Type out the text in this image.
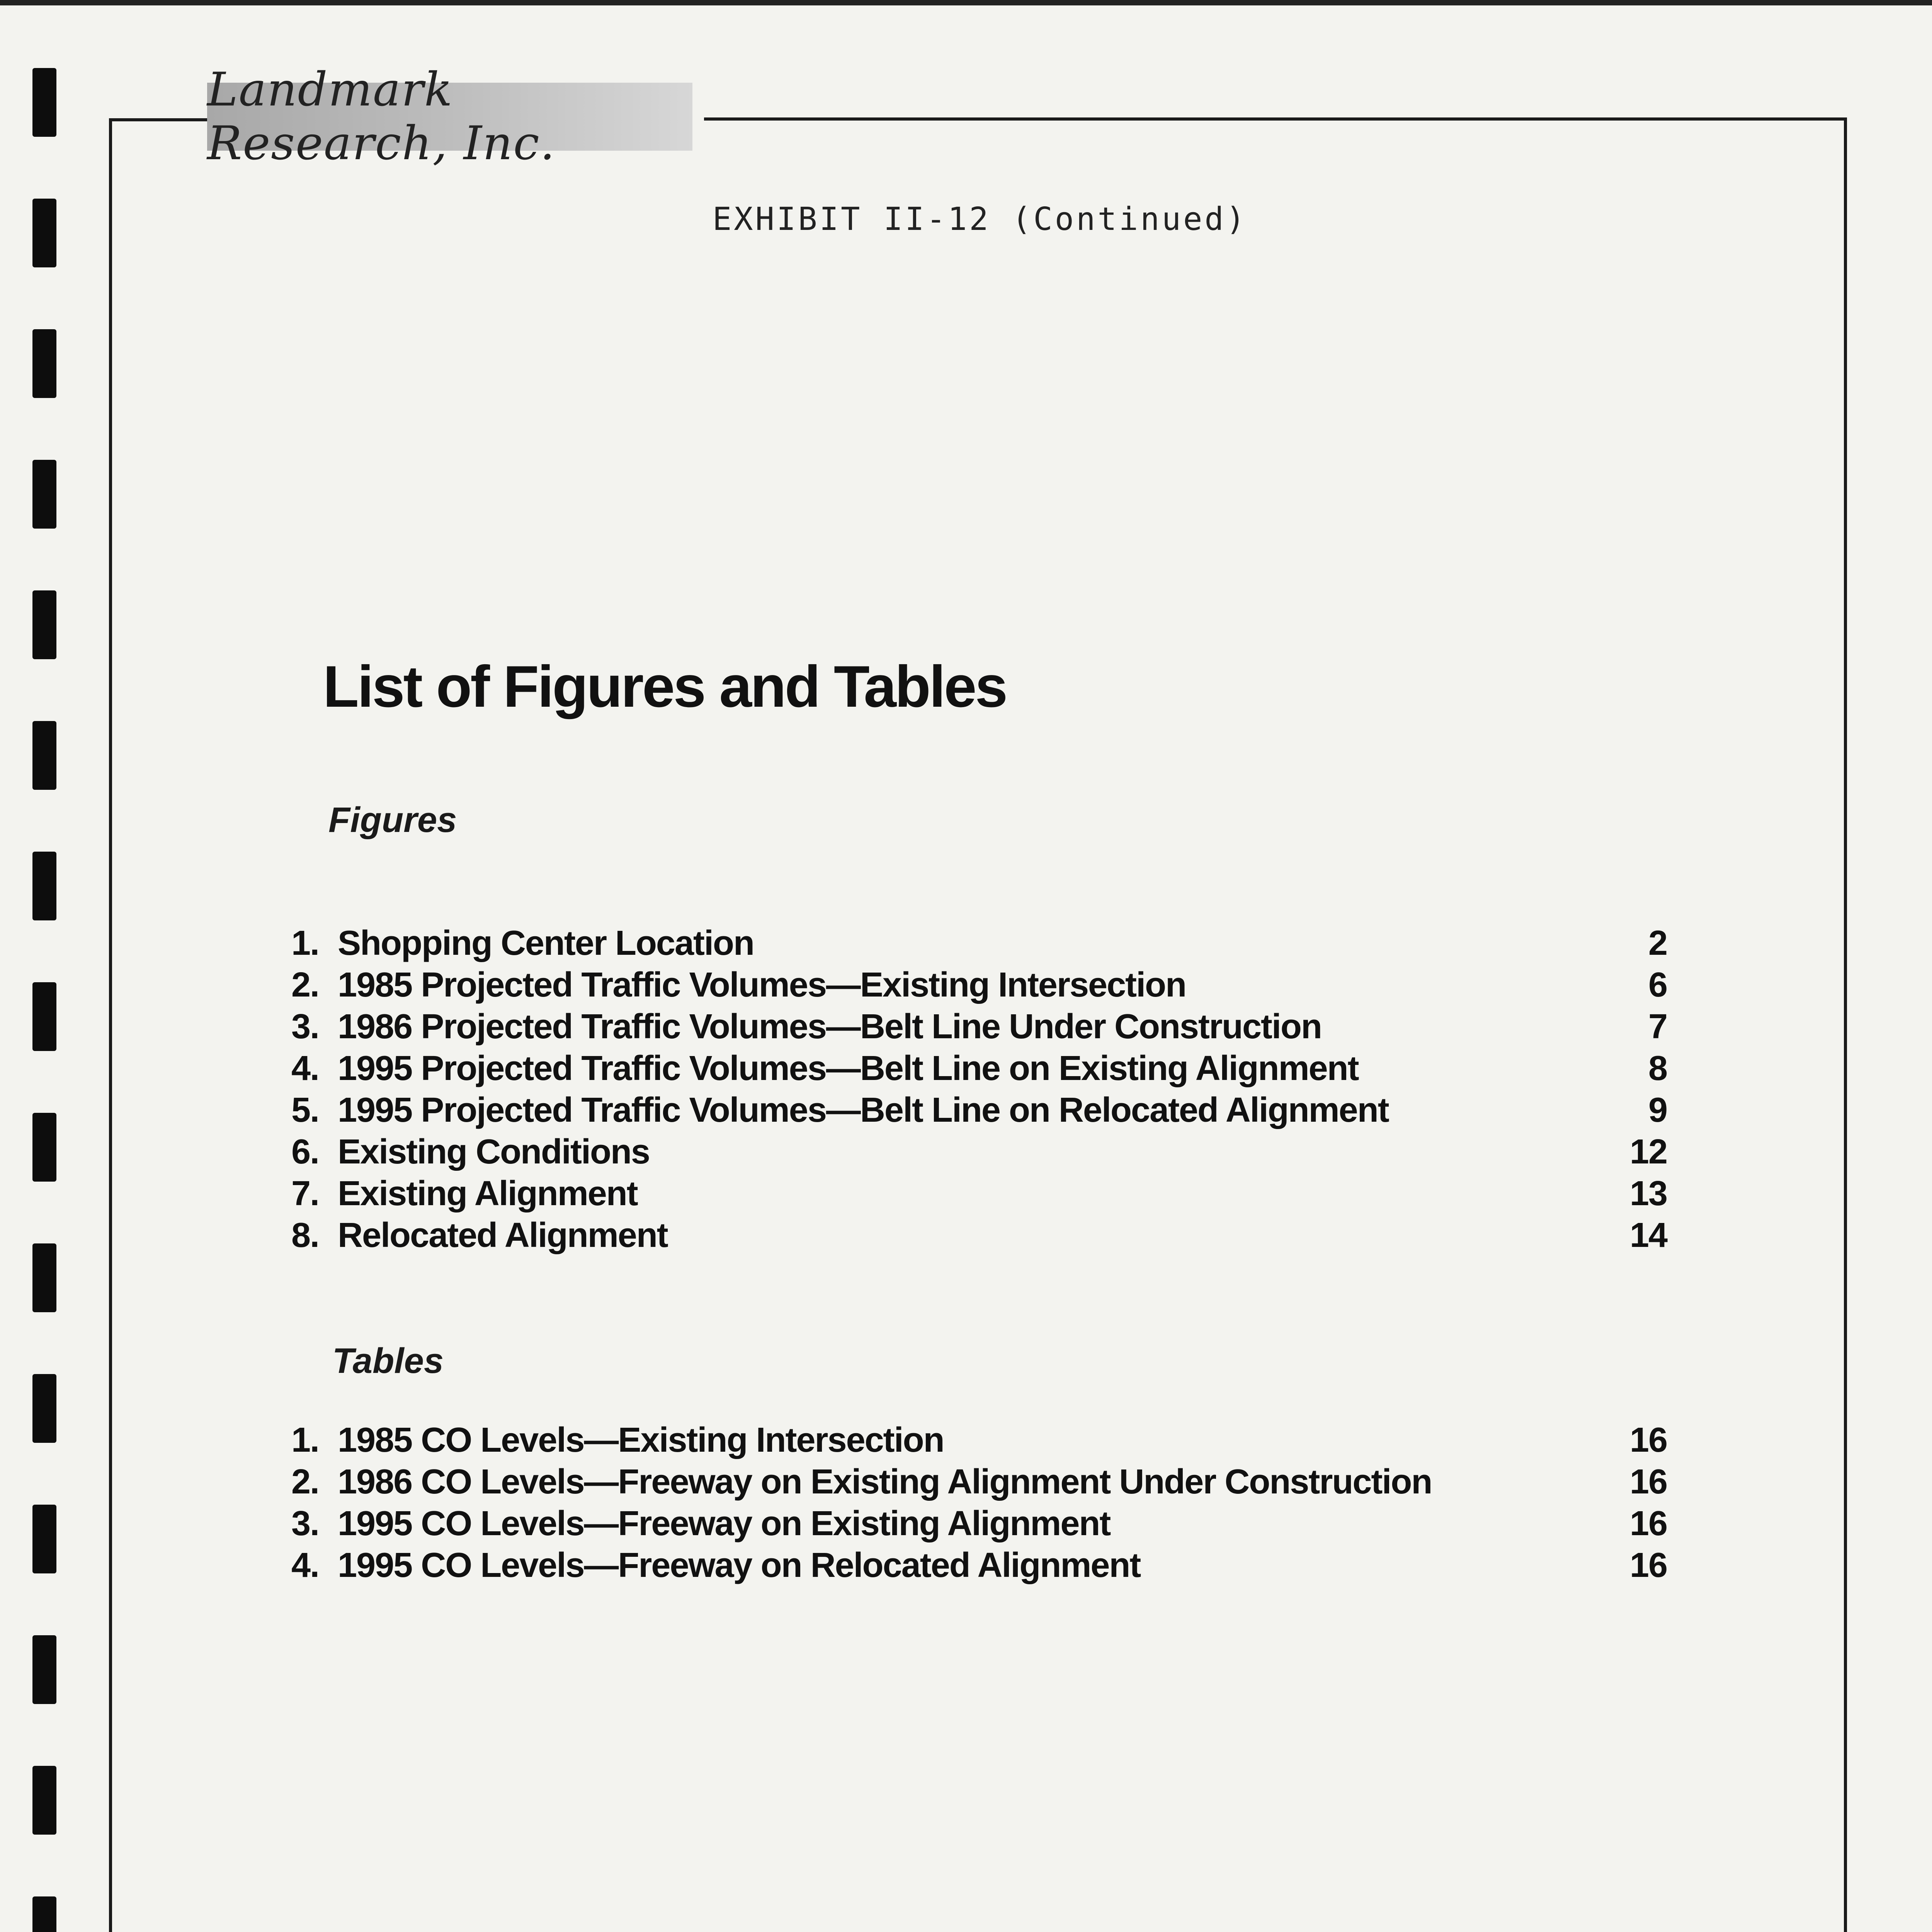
Landmark Research, Inc.
EXHIBIT II-12 (Continued)
List of Figures and Tables
Figures
1. Shopping Center Location	2
2. 1985 Projected Traffic Volumes—Existing Intersection	6
3. 1986 Projected Traffic Volumes—Belt Line Under Construction	7
4. 1995 Projected Traffic Volumes—Belt Line on Existing Alignment	8
5. 1995 Projected Traffic Volumes—Belt Line on Relocated Alignment	9
6. Existing Conditions	12
7. Existing Alignment	13
8. Relocated Alignment	14
Tables
1. 1985 CO Levels—Existing Intersection	16
2. 1986 CO Levels—Freeway on Existing Alignment Under Construction	16
3. 1995 CO Levels—Freeway on Existing Alignment	16
4. 1995 CO Levels—Freeway on Relocated Alignment	16
